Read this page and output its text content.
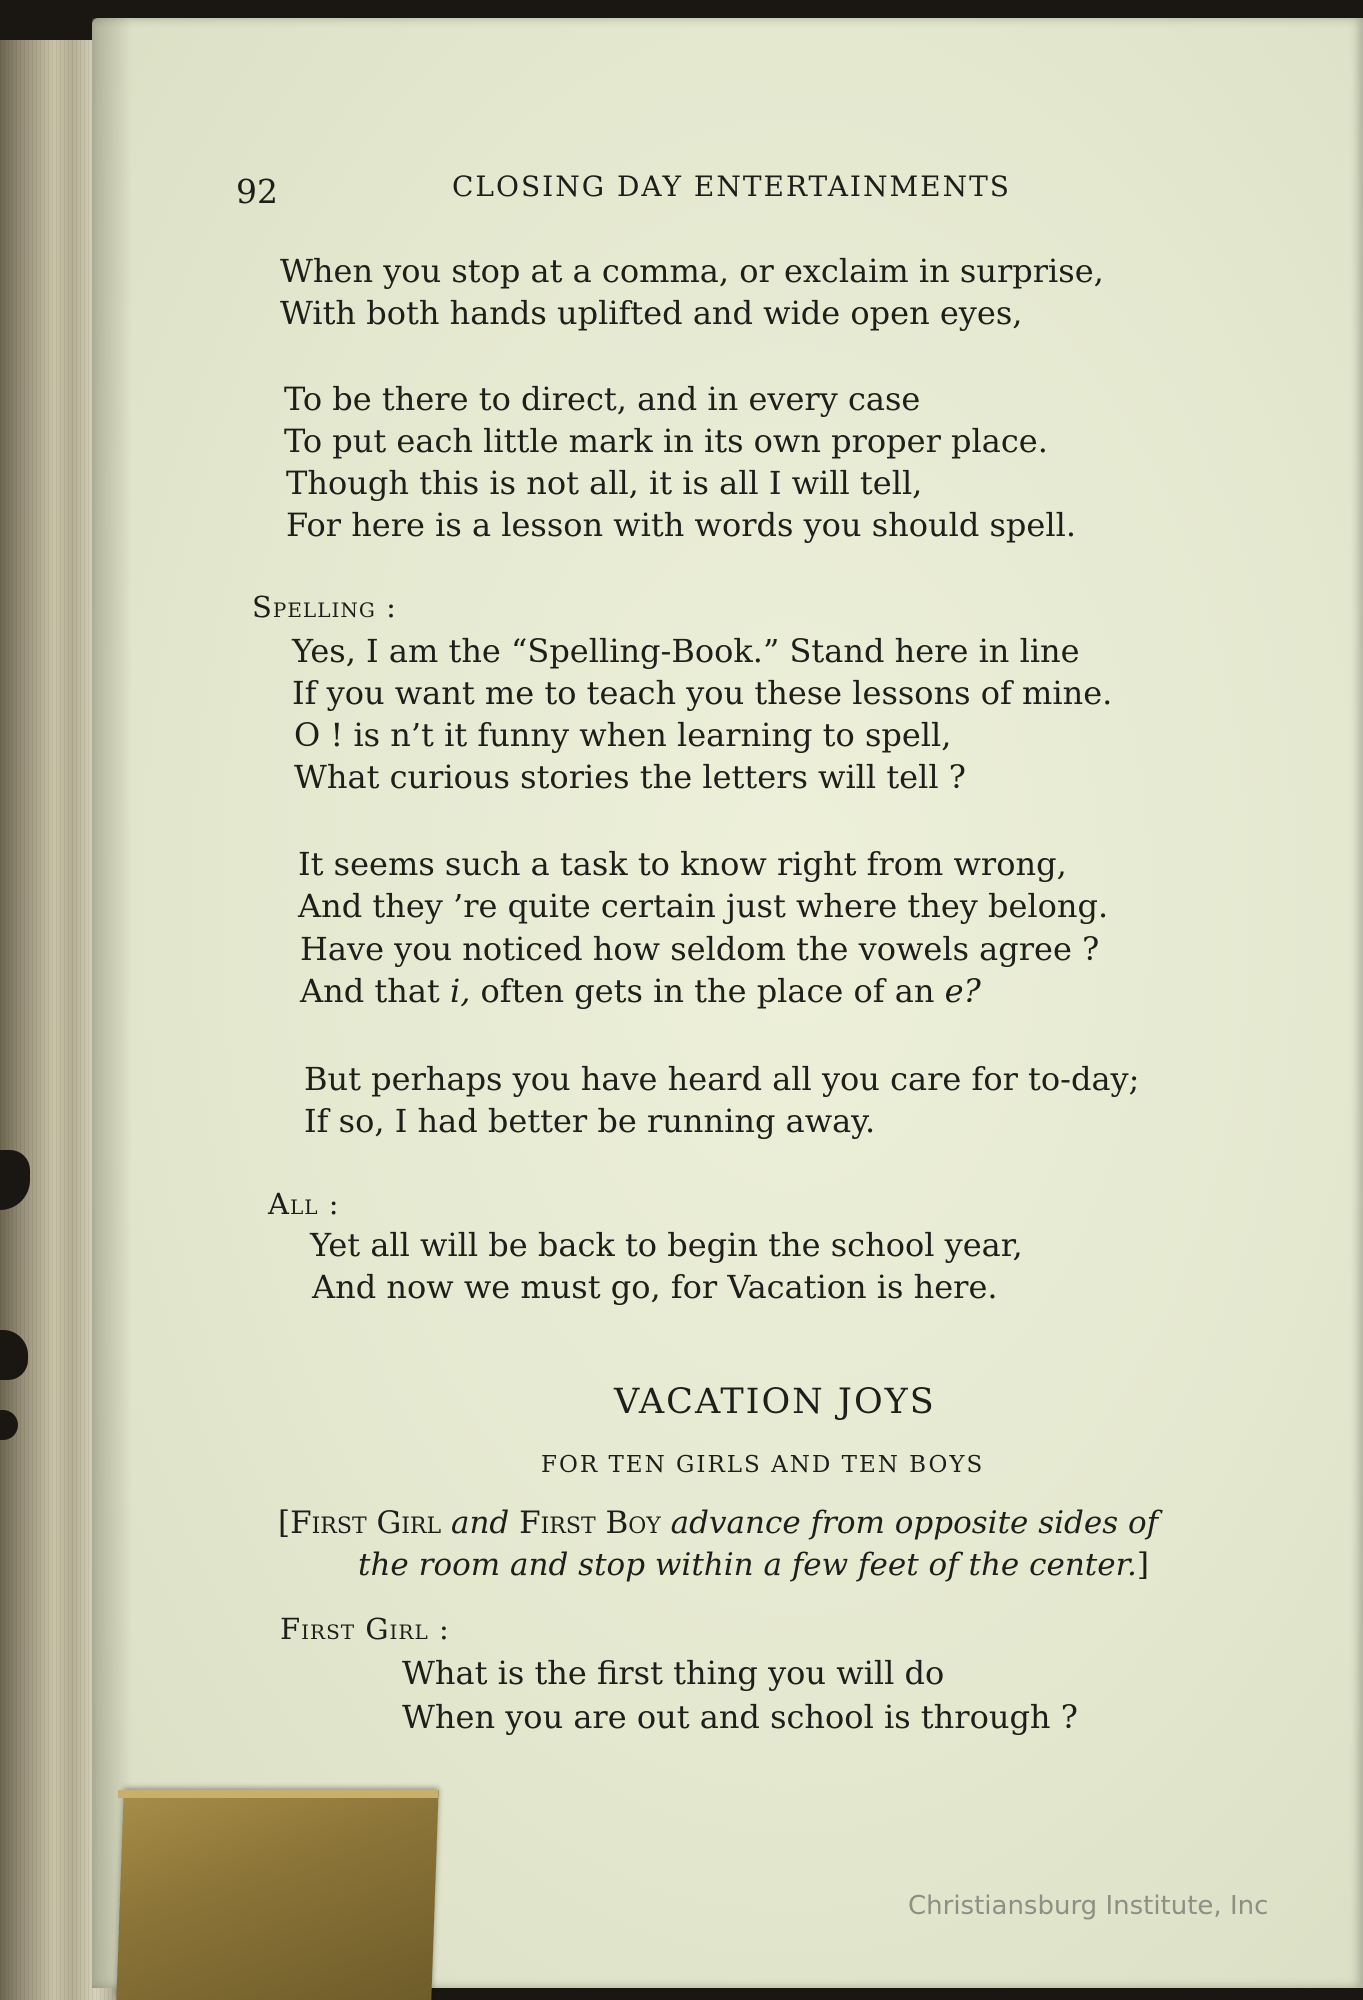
92	CLOSING DAY ENTERTAINMENTS

When you stop at a comma, or exclaim in surprise,

With both hands uplifted and wide open eyes,

To be there to direct, and in every case

To put each little mark in its own proper place.

Though this is not all, it is all I will tell,

For here is a lesson with words you should spell.

Spelling :

Yes, I am the “Spelling-Book.” Stand here in line

If you want me to teach you these lessons of mine.

O ! is n’t it funny when learning to spell,

What curious stories the letters will tell ?

It seems such a task to know right from wrong,

And they ’re quite certain just where they belong.

Have you noticed how seldom the vowels agree ?

And that i, often gets in the place of an e?

But perhaps you have heard all you care for to-day;

If so, I had better be running away.

All :

Yet all will be back to begin the school year,

And now we must go, for Vacation is here.

VACATION JOYS

FOR TEN GIRLS AND TEN BOYS

[First Girl and First Boy advance from opposite sides of

the room and stop within a few feet of the center.]

First Girl :

What is the first thing you will do

When you are out and school is through ?

Christiansburg Institute, Inc
